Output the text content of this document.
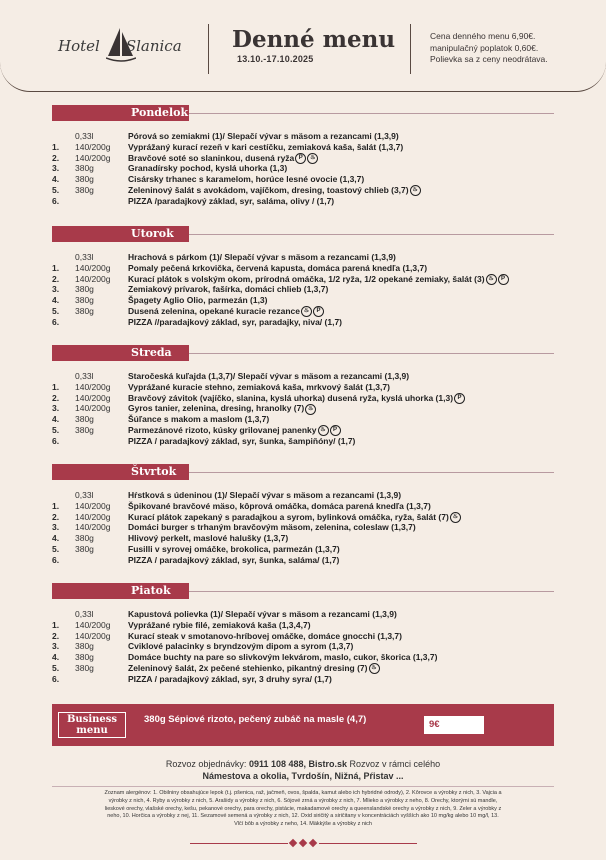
Hotel Slanica Denné menu
13.10.-17.10.2025
Cena denného menu 6,90€.
manipulačný poplatok 0,60€.
Polievka sa z ceny neodrátava.
Pondelok
0,33l	Pórová so zemiakmi (1)/ Slepačí vývar s mäsom a rezancami (1,3,9)
1. 140/200g Vyprážaný kurací rezeň v kari cestíčku, zemiaková kaša, šalát (1,3,7)
2. 140/200g Bravčové soté so slaninkou, dusená ryža P ♨
3. 380g	Granadírsky pochod, kyslá uhorka (1,3)
4. 380g	Cisársky trhanec s karamelom, horúce lesné ovocie (1,3,7)
5. 380g	Zeleninový šalát s avokádom, vajíčkom, dresing, toastový chlieb (3,7) ♨
6.	PIZZA /paradajkový základ, syr, saláma, olivy / (1,7)
Utorok
0,33l	Hrachová s párkom (1)/ Slepačí vývar s mäsom a rezancami (1,3,9)
1. 140/200g Pomaly pečená krkovička, červená kapusta, domáca parená knedľa (1,3,7)
2. 140/200g Kurací plátok s volským okom, prírodná omáčka, 1/2 ryža, 1/2 opekané zemiaky, šalát (3) ♨ P
3. 380g	Zemiakový prívarok, fašírka, domáci chlieb (1,3,7)
4. 380g	Špagety Aglio Olio, parmezán (1,3)
5. 380g	Dusená zelenina, opekané kuracie rezance ♨ P
6.	PIZZA //paradajkový základ, syr, paradajky, niva/ (1,7)
Streda
0,33l	Staročeská kuľajda (1,3,7)/ Slepačí vývar s mäsom a rezancami (1,3,9)
1. 140/200g Vyprážané kuracie stehno, zemiaková kaša, mrkvový šalát (1,3,7)
2. 140/200g Bravčový závitok (vajíčko, slanina, kyslá uhorka) dusená ryža, kyslá uhorka (1,3) P
3. 140/200g Gyros tanier, zelenina, dresing, hranolky (7) ♨
4. 380g	Šúľance s makom a maslom (1,3,7)
5. 380g	Parmezánové rizoto, kúsky grilovanej panenky ♨ P
6.	PIZZA / paradajkový základ, syr, šunka, šampiňóny/ (1,7)
Štvrtok
0,33l	Hŕstková s údeninou (1)/ Slepačí vývar s mäsom a rezancami (1,3,9)
1. 140/200g Špikované bravčové mäso, kôprová omáčka, domáca parená knedľa (1,3,7)
2. 140/200g Kurací plátok zapekaný s paradajkou a syrom, bylinková omáčka, ryža, šalát (7) ♨
3. 140/200g Domáci burger s trhaným bravčovým mäsom, zelenina, coleslaw (1,3,7)
4. 380g	Hlivový perkelt, maslové halušky (1,3,7)
5. 380g	Fusilli v syrovej omáčke, brokolica, parmezán (1,3,7)
6.	PIZZA / paradajkový základ, syr, šunka, saláma/ (1,7)
Piatok
0,33l	Kapustová polievka (1)/ Slepačí vývar s mäsom a rezancami (1,3,9)
1. 140/200g Vyprážané rybie filé, zemiaková kaša (1,3,4,7)
2. 140/200g Kurací steak v smotanovo-hríbovej omáčke, domáce gnocchi (1,3,7)
3. 380g	Cviklové palacinky s bryndzovým dipom a syrom (1,3,7)
4. 380g	Domáce buchty na pare so slivkovým lekvárom, maslo, cukor, škorica (1,3,7)
5. 380g	Zeleninový šalát, 2x pečené stehienko, pikantný dresing (7) ♨
6.	PIZZA / paradajkový základ, syr, 3 druhy syra/ (1,7)
Business
menu
380g Sépiové rizoto, pečený zubáč na masle (4,7)	9€
Rozvoz objednávky: 0911 108 488, Bistro.sk Rozvoz v rámci celého
Námestova a okolia, Tvrdošín, Nižná, Pŕistav ...
Zoznam alergénov: 1. Obilniny obsahujúce lepok (t.j. pšenica, raž, jačmeň, ovos, špalda, kamut alebo ich hybridné odrody), 2. Kôrovce a výrobky z nich, 3. Vajcia a výrobky z nich, 4. Ryby a výrobky z nich, 5. Arašidy a výrobky z nich, 6. Sójové zrná a výrobky z nich, 7. Mlieko a výrobky z neho, 8. Orechy, ktorými sú mandle, lieskové orechy, vlašské orechy, kešu, pekanové orechy, para orechy, pistácie, makadamové orechy a queenslandské orechy a výrobky z nich, 9. Zeler a výrobky z neho, 10. Horčica a výrobky z nej, 11. Sezamové semená a výrobky z nich, 12. Oxid siričitý a siričitany v koncentráciách vyšších ako 10 mg/kg alebo 10 mg/l, 13. Vlčí bôb a výrobky z neho, 14. Mäkkýše a výrobky z nich
